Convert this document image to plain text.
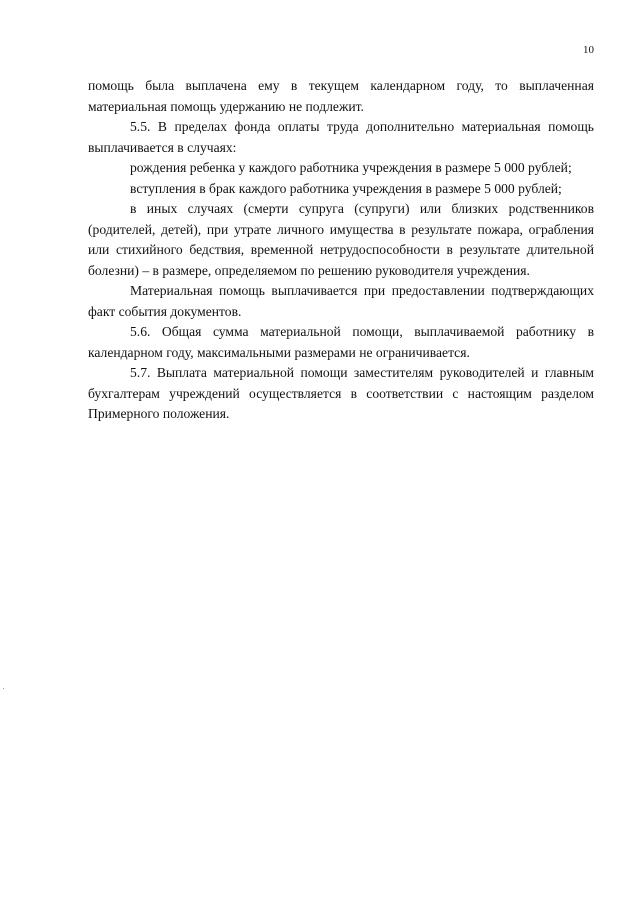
10

помощь была выплачена ему в текущем календарном году, то выплаченная материальная помощь удержанию не подлежит.

5.5. В пределах фонда оплаты труда дополнительно материальная помощь выплачивается в случаях:

рождения ребенка у каждого работника учреждения в размере 5 000 рублей;

вступления в брак каждого работника учреждения в размере 5 000 рублей;

в иных случаях (смерти супруга (супруги) или близких родственников (родителей, детей), при утрате личного имущества в результате пожара, ограбления или стихийного бедствия, временной нетрудоспособности в результате длительной болезни) – в размере, определяемом по решению руководителя учреждения.

Материальная помощь выплачивается при предоставлении подтверждающих факт события документов.

5.6. Общая сумма материальной помощи, выплачиваемой работнику в календарном году, максимальными размерами не ограничивается.

5.7. Выплата материальной помощи заместителям руководителей и главным бухгалтерам учреждений осуществляется в соответствии с настоящим разделом Примерного положения.
